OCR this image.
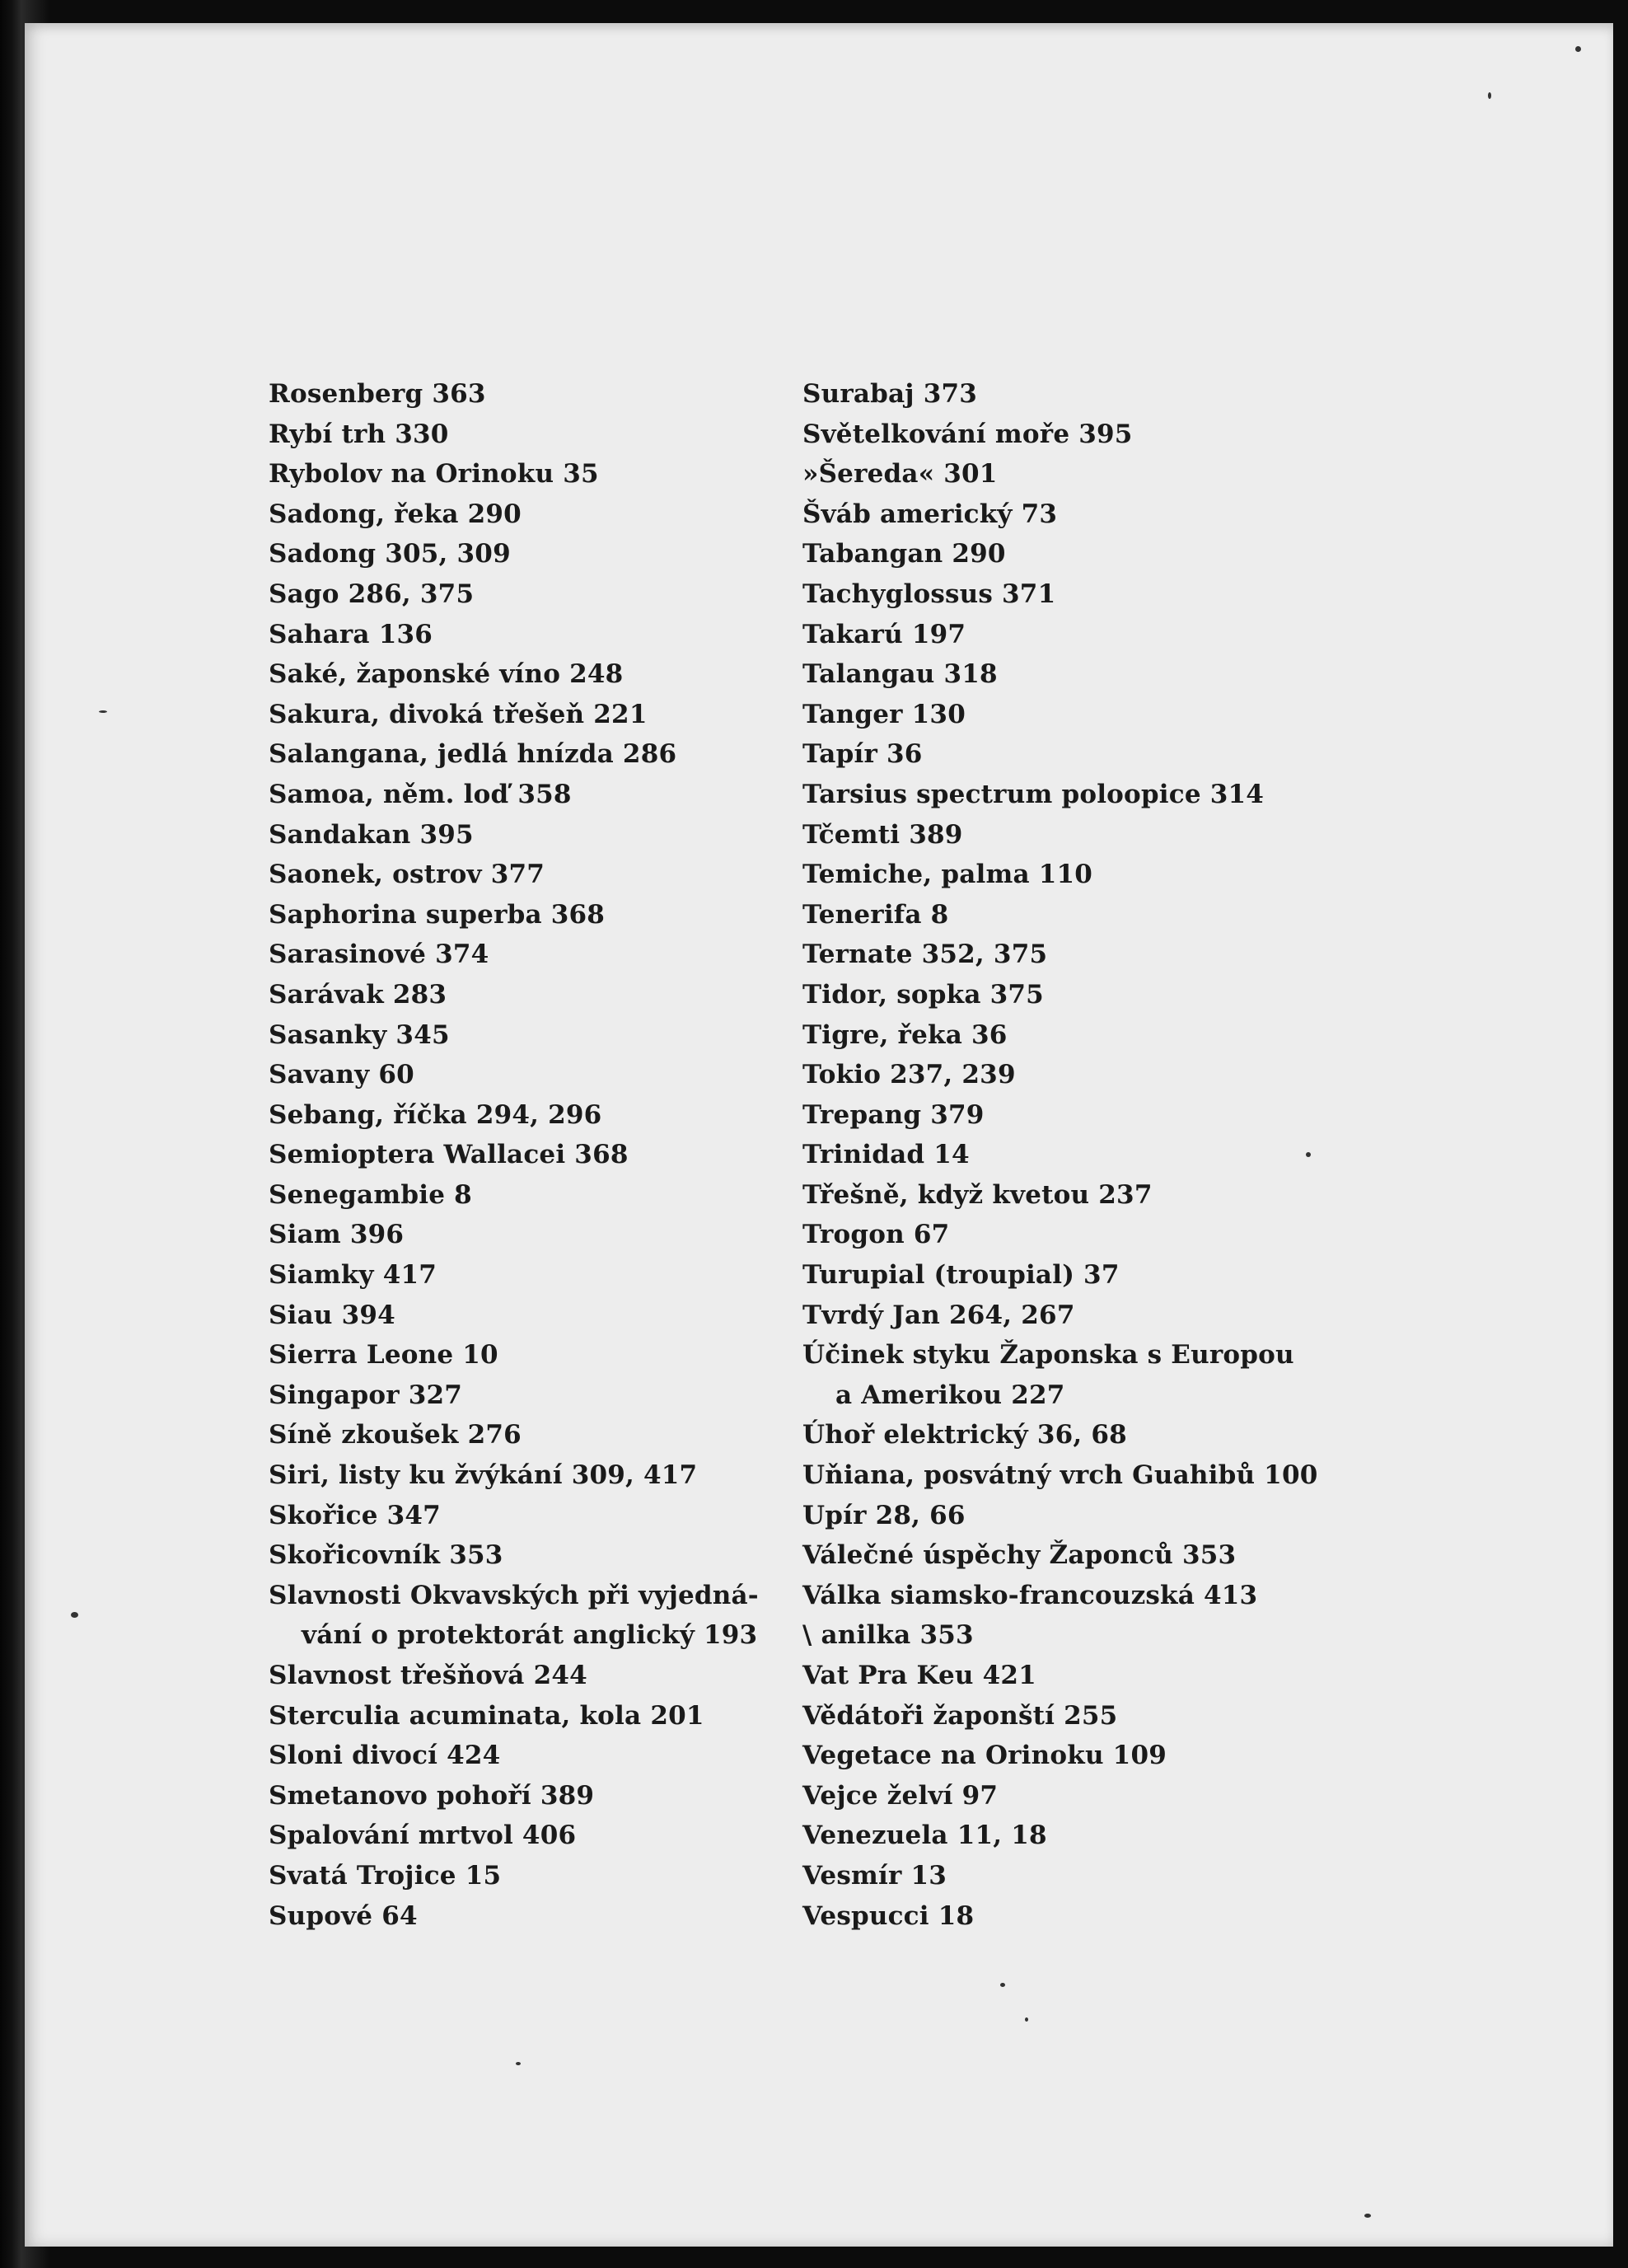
Rosenberg 363
Rybí trh 330
Rybolov na Orinoku 35
Sadong, řeka 290
Sadong 305, 309
Sago 286, 375
Sahara 136
Saké, žaponské víno 248
Sakura, divoká třešeň 221
Salangana, jedlá hnízda 286
Samoa, něm. loď 358
Sandakan 395
Saonek, ostrov 377
Saphorina superba 368
Sarasinové 374
Sarávak 283
Sasanky 345
Savany 60
Sebang, říčka 294, 296
Semioptera Wallacei 368
Senegambie 8
Siam 396
Siamky 417
Siau 394
Sierra Leone 10
Singapor 327
Síně zkoušek 276
Siri, listy ku žvýkání 309, 417
Skořice 347
Skořicovník 353
Slavnosti Okvavských při vyjedná-
vání o protektorát anglický 193
Slavnost třešňová 244
Sterculia acuminata, kola 201
Sloni divocí 424
Smetanovo pohoří 389
Spalování mrtvol 406
Svatá Trojice 15
Supové 64
Surabaj 373
Světelkování moře 395
»Šereda« 301
Šváb americký 73
Tabangan 290
Tachyglossus 371
Takarú 197
Talangau 318
Tanger 130
Tapír 36
Tarsius spectrum poloopice 314
Tčemti 389
Temiche, palma 110
Tenerifa 8
Ternate 352, 375
Tidor, sopka 375
Tigre, řeka 36
Tokio 237, 239
Trepang 379
Trinidad 14
Třešně, když kvetou 237
Trogon 67
Turupial (troupial) 37
Tvrdý Jan 264, 267
Účinek styku Žaponska s Europou
a Amerikou 227
Úhoř elektrický 36, 68
Uňiana, posvátný vrch Guahibů 100
Upír 28, 66
Válečné úspěchy Žaponců 353
Válka siamsko-francouzská 413
\ anilka 353
Vat Pra Keu 421
Vědátoři žaponští 255
Vegetace na Orinoku 109
Vejce želví 97
Venezuela 11, 18
Vesmír 13
Vespucci 18
